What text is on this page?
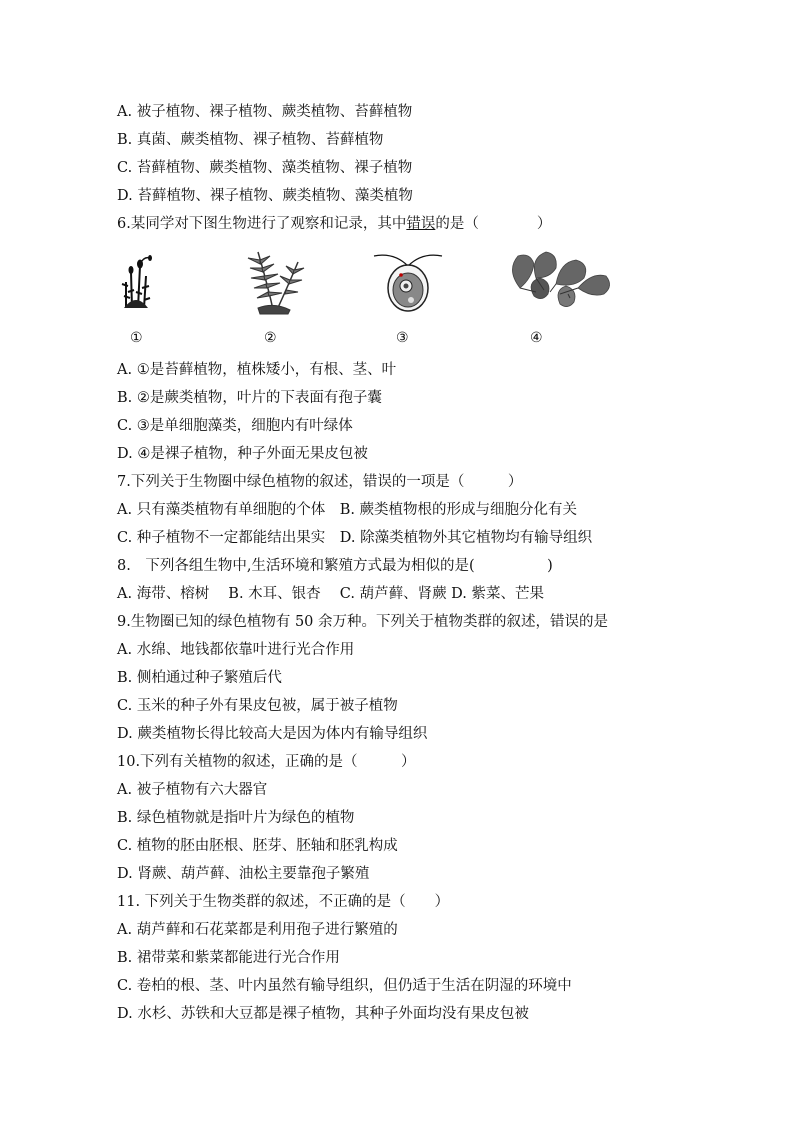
A. 被子植物、裸子植物、蕨类植物、苔藓植物
B. 真菌、蕨类植物、裸子植物、苔藓植物
C. 苔藓植物、蕨类植物、藻类植物、裸子植物
D. 苔藓植物、裸子植物、蕨类植物、藻类植物
6.某同学对下图生物进行了观察和记录，其中错误的是（　　　　）
①	②	③	④
A. ①是苔藓植物，植株矮小，有根、茎、叶
B. ②是蕨类植物，叶片的下表面有孢子囊
C. ③是单细胞藻类，细胞内有叶绿体
D. ④是裸子植物，种子外面无果皮包被
7.下列关于生物圈中绿色植物的叙述，错误的一项是（　　　）
A. 只有藻类植物有单细胞的个体　B. 蕨类植物根的形成与细胞分化有关
C. 种子植物不一定都能结出果实　D. 除藻类植物外其它植物均有输导组织
8.　下列各组生物中,生活环境和繁殖方式最为相似的是(　　　　　)
A. 海带、榕树　 B. 木耳、银杏　 C. 葫芦藓、肾蕨 D. 紫菜、芒果
9.生物圈已知的绿色植物有 50 余万种。下列关于植物类群的叙述，错误的是
A. 水绵、地钱都依靠叶进行光合作用
B. 侧柏通过种子繁殖后代
C. 玉米的种子外有果皮包被，属于被子植物
D. 蕨类植物长得比较高大是因为体内有输导组织
10.下列有关植物的叙述，正确的是（　　　）
A. 被子植物有六大器官
B. 绿色植物就是指叶片为绿色的植物
C. 植物的胚由胚根、胚芽、胚轴和胚乳构成
D. 肾蕨、葫芦藓、油松主要靠孢子繁殖
11. 下列关于生物类群的叙述，不正确的是（　　）
A. 葫芦藓和石花菜都是利用孢子进行繁殖的
B. 裙带菜和紫菜都能进行光合作用
C. 卷柏的根、茎、叶内虽然有输导组织，但仍适于生活在阴湿的环境中
D. 水杉、苏铁和大豆都是裸子植物，其种子外面均没有果皮包被
